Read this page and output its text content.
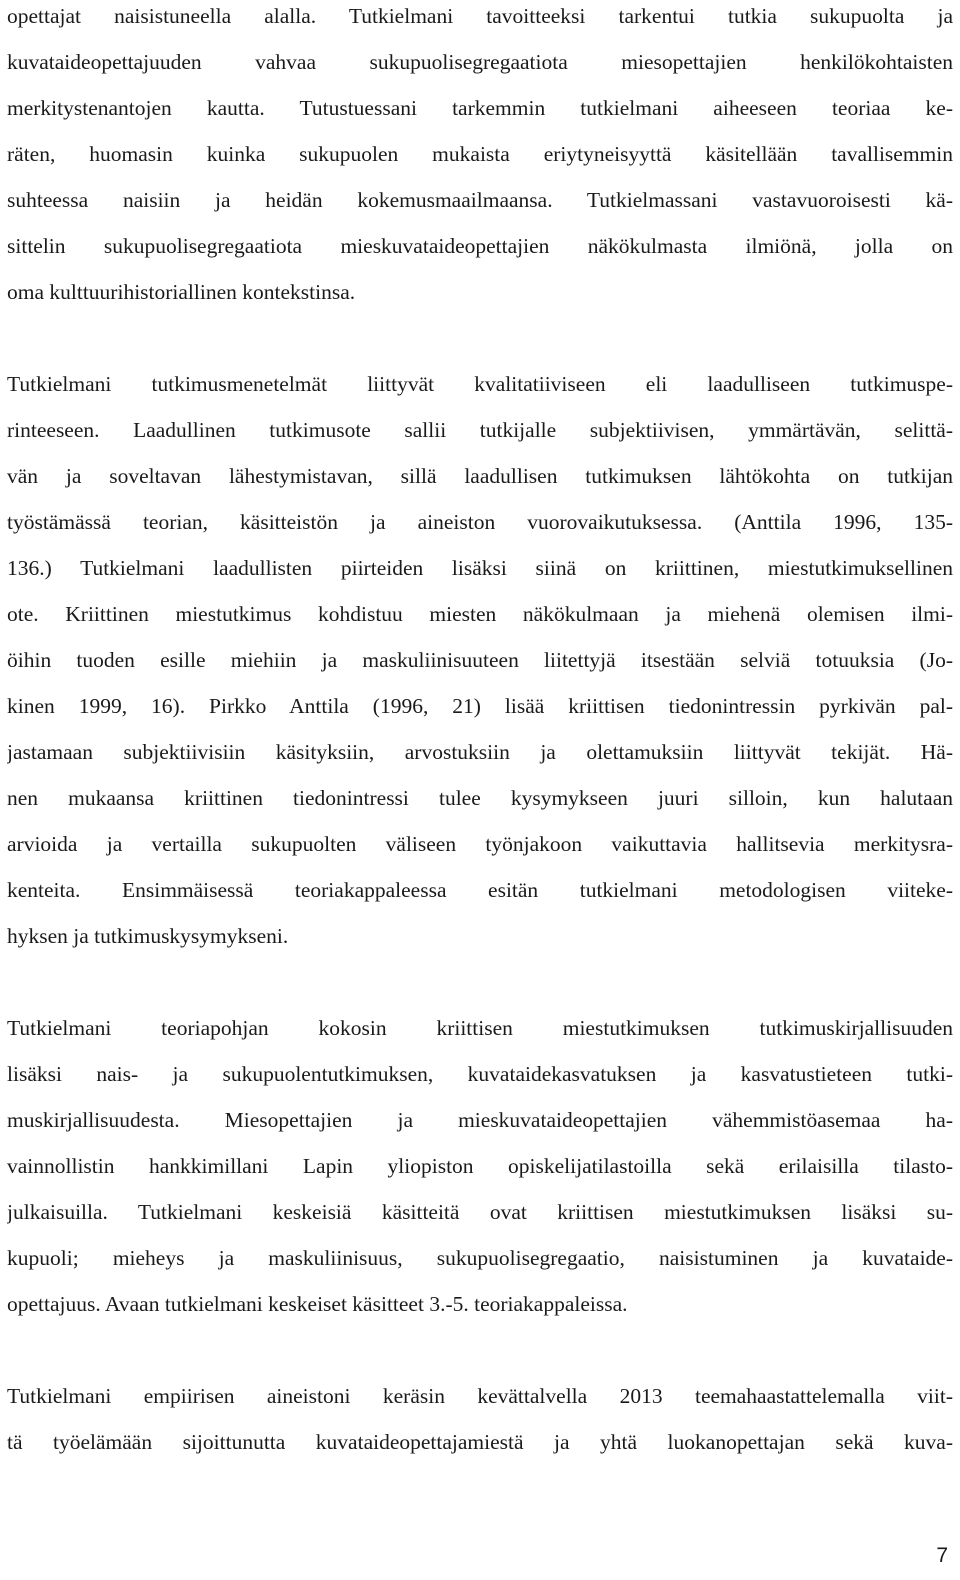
opettajat naisistuneella alalla. Tutkielmani tavoitteeksi tarkentui tutkia sukupuolta ja
kuvataideopettajuuden vahvaa sukupuolisegregaatiota miesopettajien henkilökohtaisten
merkitystenantojen kautta. Tutustuessani tarkemmin tutkielmani aiheeseen teoriaa ke-
räten, huomasin kuinka sukupuolen mukaista eriytyneisyyttä käsitellään tavallisemmin
suhteessa naisiin ja heidän kokemusmaailmaansa. Tutkielmassani vastavuoroisesti kä-
sittelin sukupuolisegregaatiota mieskuvataideopettajien näkökulmasta ilmiönä, jolla on
oma kulttuurihistoriallinen kontekstinsa.
Tutkielmani tutkimusmenetelmät liittyvät kvalitatiiviseen eli laadulliseen tutkimuspe-
rinteeseen. Laadullinen tutkimusote sallii tutkijalle subjektiivisen, ymmärtävän, selittä-
vän ja soveltavan lähestymistavan, sillä laadullisen tutkimuksen lähtökohta on tutkijan
työstämässä teorian, käsitteistön ja aineiston vuorovaikutuksessa. (Anttila 1996, 135-
136.) Tutkielmani laadullisten piirteiden lisäksi siinä on kriittinen, miestutkimuksellinen
ote. Kriittinen miestutkimus kohdistuu miesten näkökulmaan ja miehenä olemisen ilmi-
öihin tuoden esille miehiin ja maskuliinisuuteen liitettyjä itsestään selviä totuuksia (Jo-
kinen 1999, 16). Pirkko Anttila (1996, 21) lisää kriittisen tiedonintressin pyrkivän pal-
jastamaan subjektiivisiin käsityksiin, arvostuksiin ja olettamuksiin liittyvät tekijät. Hä-
nen mukaansa kriittinen tiedonintressi tulee kysymykseen juuri silloin, kun halutaan
arvioida ja vertailla sukupuolten väliseen työnjakoon vaikuttavia hallitsevia merkitysra-
kenteita. Ensimmäisessä teoriakappaleessa esitän tutkielmani metodologisen viiteke-
hyksen ja tutkimuskysymykseni.
Tutkielmani teoriapohjan kokosin kriittisen miestutkimuksen tutkimuskirjallisuuden
lisäksi nais- ja sukupuolentutkimuksen, kuvataidekasvatuksen ja kasvatustieteen tutki-
muskirjallisuudesta. Miesopettajien ja mieskuvataideopettajien vähemmistöasemaa ha-
vainnollistin hankkimillani Lapin yliopiston opiskelijatilastoilla sekä erilaisilla tilasto-
julkaisuilla. Tutkielmani keskeisiä käsitteitä ovat kriittisen miestutkimuksen lisäksi su-
kupuoli; mieheys ja maskuliinisuus, sukupuolisegregaatio, naisistuminen ja kuvataide-
opettajuus. Avaan tutkielmani keskeiset käsitteet 3.-5. teoriakappaleissa.
Tutkielmani empiirisen aineistoni keräsin kevättalvella 2013 teemahaastattelemalla viit-
tä työelämään sijoittunutta kuvataideopettajamiestä ja yhtä luokanopettajan sekä kuva-
7
